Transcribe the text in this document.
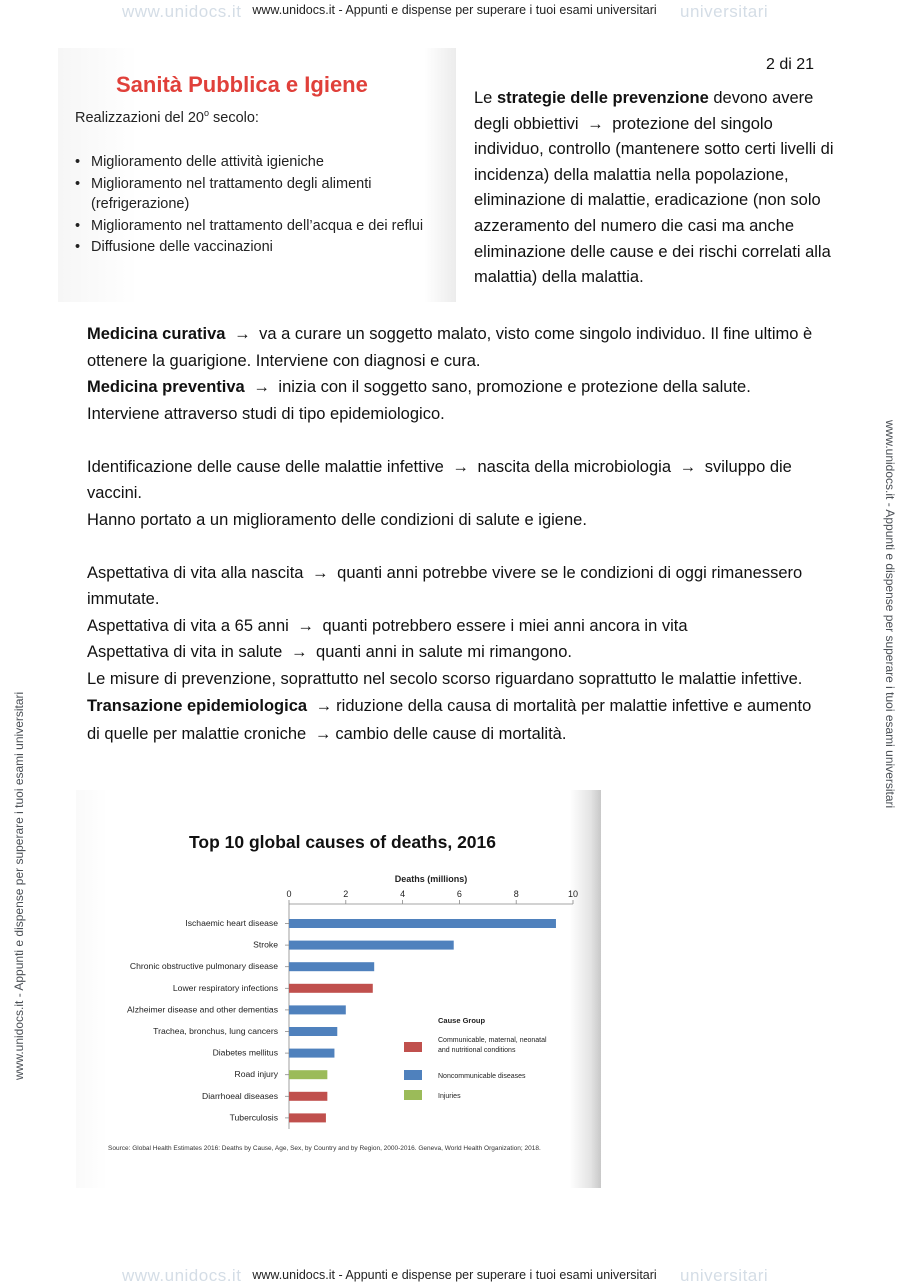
www.unidocs.it	universitari
www.unidocs.it - Appunti e dispense per superare i tuoi esami universitari
www.unidocs.it	universitari
www.unidocs.it - Appunti e dispense per superare i tuoi esami universitari
www.unidocs.it - Appunti e dispense per superare i tuoi esami universitari
www.unidocs.it - Appunti e dispense per superare i tuoi esami universitari
2 di 21
Sanità Pubblica e Igiene
Realizzazioni del 20$^o$ secolo:
• Miglioramento delle attività igieniche
• Miglioramento nel trattamento degli alimenti (refrigerazione)
• Miglioramento nel trattamento dell’acqua e dei reflui
• Diffusione delle vaccinazioni
Le strategie delle prevenzione devono avere degli obbiettivi → protezione del singolo individuo, controllo (mantenere sotto certi livelli di incidenza) della malattia nella popolazione, eliminazione di malattie, eradicazione (non solo azzeramento del numero die casi ma anche eliminazione delle cause e dei rischi correlati alla malattia) della malattia.

Medicina curativa → va a curare un soggetto malato, visto come singolo individuo. Il fine ultimo è ottenere la guarigione. Interviene con diagnosi e cura.

Medicina preventiva → inizia con il soggetto sano, promozione e protezione della salute. Interviene attraverso studi di tipo epidemiologico.

Identificazione delle cause delle malattie infettive → nascita della microbiologia → sviluppo die vaccini.

Hanno portato a un miglioramento delle condizioni di salute e igiene.

Aspettativa di vita alla nascita → quanti anni potrebbe vivere se le condizioni di oggi rimanessero immutate.

Aspettativa di vita a 65 anni → quanti potrebbero essere i miei anni ancora in vita

Aspettativa di vita in salute → quanti anni in salute mi rimangono.

Le misure di prevenzione, soprattutto nel secolo scorso riguardano soprattutto le malattie infettive.

Transazione epidemiologica → riduzione della causa di mortalità per malattie infettive e aumento di quelle per malattie croniche → cambio delle cause di mortalità.

Top 10 global causes of deaths, 2016
Deaths (millions)
0	2	4	6	8	10
Ischaemic heart disease
Stroke
Chronic obstructive pulmonary disease
Lower respiratory infections
Alzheimer disease and other dementias
Trachea, bronchus, lung cancers
Diabetes mellitus
Road injury
Diarrhoeal diseases
Tuberculosis
Cause Group
Communicable, maternal, neonatal
and nutritional conditions
Noncommunicable diseases
Injuries
Source: Global Health Estimates 2016: Deaths by Cause, Age, Sex, by Country and by Region, 2000-2016. Geneva, World Health Organization; 2018.
